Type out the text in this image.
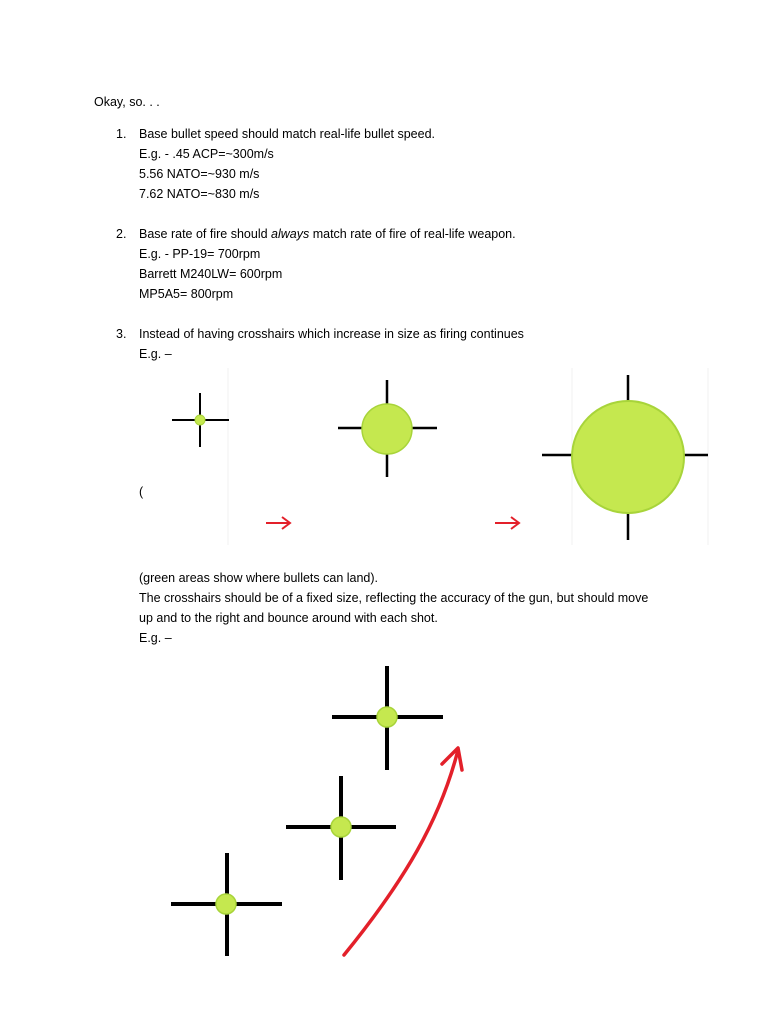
Okay, so. . .
1. Base bullet speed should match real-life bullet speed.
E.g. - .45 ACP=~300m/s
5.56 NATO=~930 m/s
7.62 NATO=~830 m/s
2. Base rate of fire should always match rate of fire of real-life weapon.
E.g. - PP-19= 700rpm
Barrett M240LW= 600rpm
MP5A5= 800rpm
3. Instead of having crosshairs which increase in size as firing continues
E.g. –
(
(green areas show where bullets can land).
The crosshairs should be of a fixed size, reflecting the accuracy of the gun, but should move
up and to the right and bounce around with each shot.
E.g. –
